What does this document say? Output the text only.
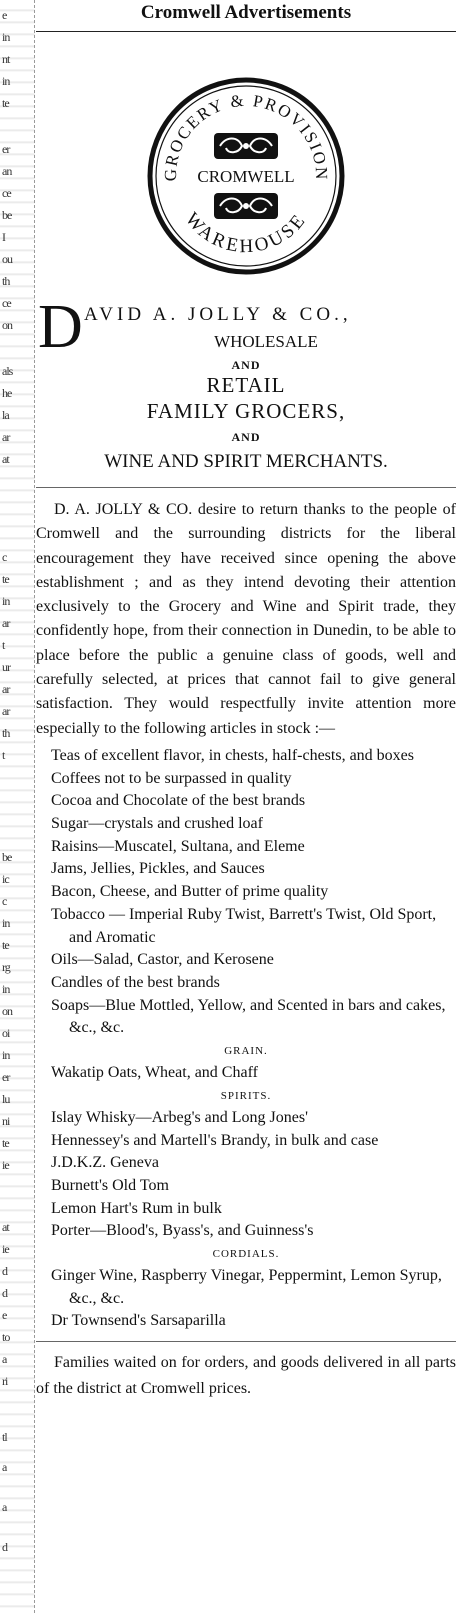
e
in
nt
in
te
er
an
ce
be
I
ou
th
ce
on
als
he
la
ar
at
c
te
in
ar
t
ur
ar
ar
th
t
be
ic
c
in
te
rg
in
on
oi
in
er
lu
ni
te
ie
at
ie
d
d
e
to
a
ri
tl
a
a
d
Cromwell Advertisements
GROCERY & PROVISION
WAREHOUSE
CROMWELL
D AVID A. JOLLY & CO.,
WHOLESALE
AND
RETAIL
FAMILY GROCERS,
AND
WINE AND SPIRIT MERCHANTS.
D. A. JOLLY & CO. desire to return thanks to the people of Cromwell and the surrounding districts for the liberal encouragement they have received since opening the above establishment ; and as they intend devoting their attention exclusively to the Grocery and Wine and Spirit trade, they confidently hope, from their connection in Dunedin, to be able to place before the public a genuine class of goods, well and carefully selected, at prices that cannot fail to give general satisfaction. They would respectfully invite attention more especially to the following articles in stock :—
Teas of excellent flavor, in chests, half-chests, and boxes
Coffees not to be surpassed in quality
Cocoa and Chocolate of the best brands
Sugar—crystals and crushed loaf
Raisins—Muscatel, Sultana, and Eleme
Jams, Jellies, Pickles, and Sauces
Bacon, Cheese, and Butter of prime quality
Tobacco — Imperial Ruby Twist, Barrett's Twist, Old Sport, and Aromatic
Oils—Salad, Castor, and Kerosene
Candles of the best brands
Soaps—Blue Mottled, Yellow, and Scented in bars and cakes, &c., &c.
GRAIN.
Wakatip Oats, Wheat, and Chaff
SPIRITS.
Islay Whisky—Arbeg's and Long Jones'
Hennessey's and Martell's Brandy, in bulk and case
J.D.K.Z. Geneva
Burnett's Old Tom
Lemon Hart's Rum in bulk
Porter—Blood's, Byass's, and Guinness's
CORDIALS.
Ginger Wine, Raspberry Vinegar, Peppermint, Lemon Syrup, &c., &c.
Dr Townsend's Sarsaparilla
Families waited on for orders, and goods delivered in all parts of the district at Cromwell prices.
